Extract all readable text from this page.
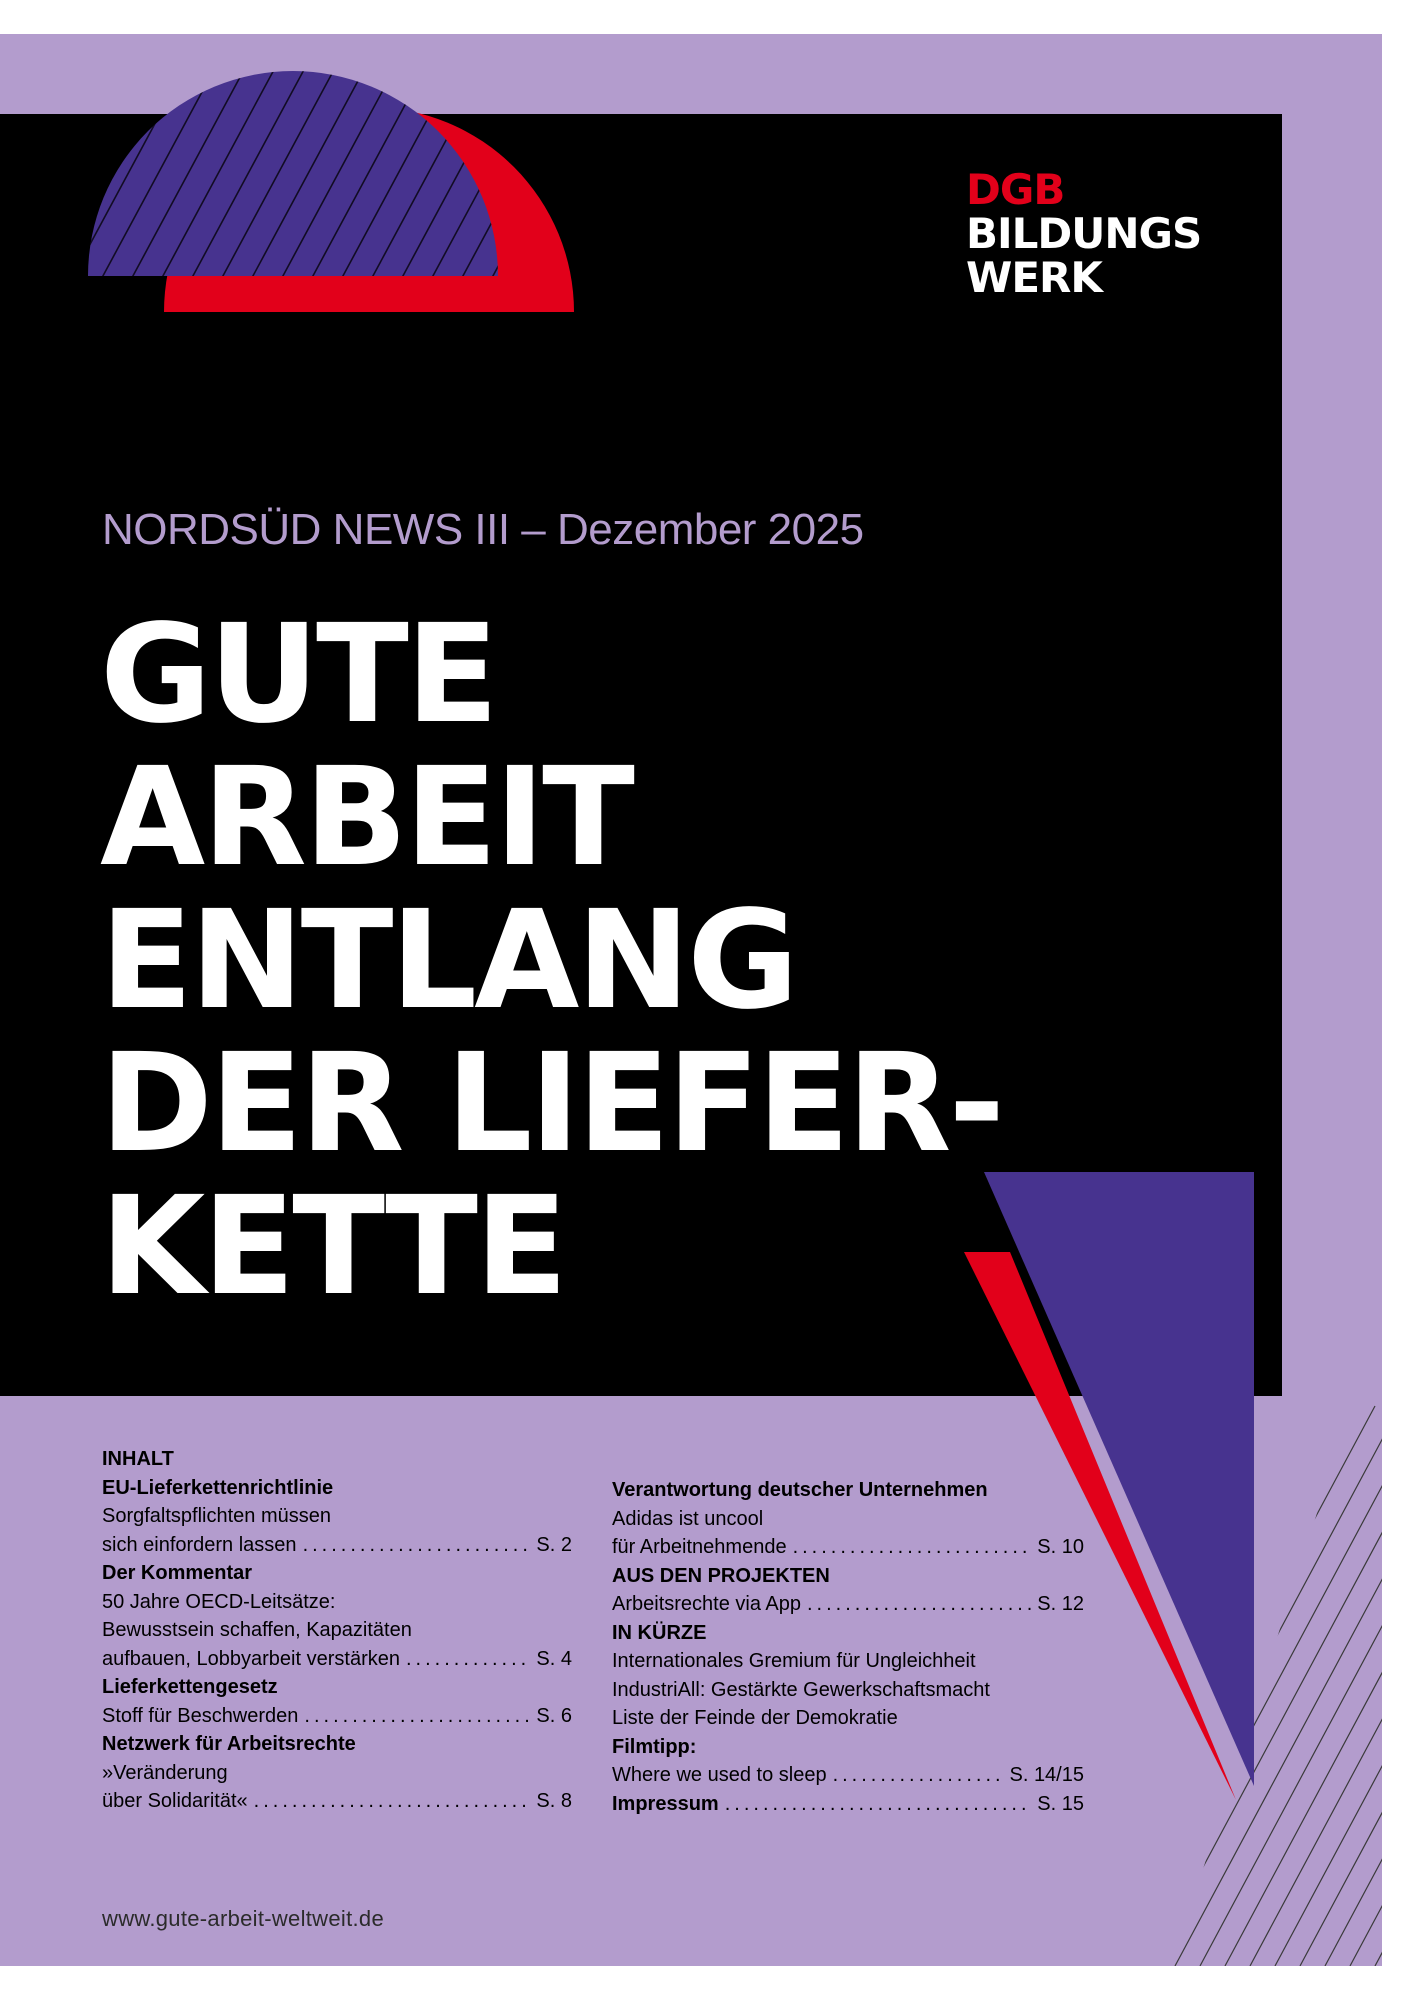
DGB
BILDUNGS
WERK
NORDSÜD NEWS III – Dezember 2025
GUTE
ARBEIT
ENTLANG
DER LIEFER-
KETTE
INHALT
EU-Lieferkettenrichtlinie
Sorgfaltspflichten müssen
sich einfordern lassen .....	S. 2
Der Kommentar
50 Jahre OECD-Leitsätze:
Bewusstsein schaffen, Kapazitäten
aufbauen, Lobbyarbeit verstärken .....	S. 4
Lieferkettengesetz
Stoff für Beschwerden .....	S. 6
Netzwerk für Arbeitsrechte
»Veränderung
über Solidarität« .....	S. 8
Verantwortung deutscher Unternehmen
Adidas ist uncool
für Arbeitnehmende .....	S. 10
AUS DEN PROJEKTEN
Arbeitsrechte via App .....	S. 12
IN KÜRZE
Internationales Gremium für Ungleichheit
IndustriAll: Gestärkte Gewerkschaftsmacht
Liste der Feinde der Demokratie
Filmtipp:
Where we used to sleep .....	S. 14/15
Impressum .....	S. 15
www.gute-arbeit-weltweit.de
